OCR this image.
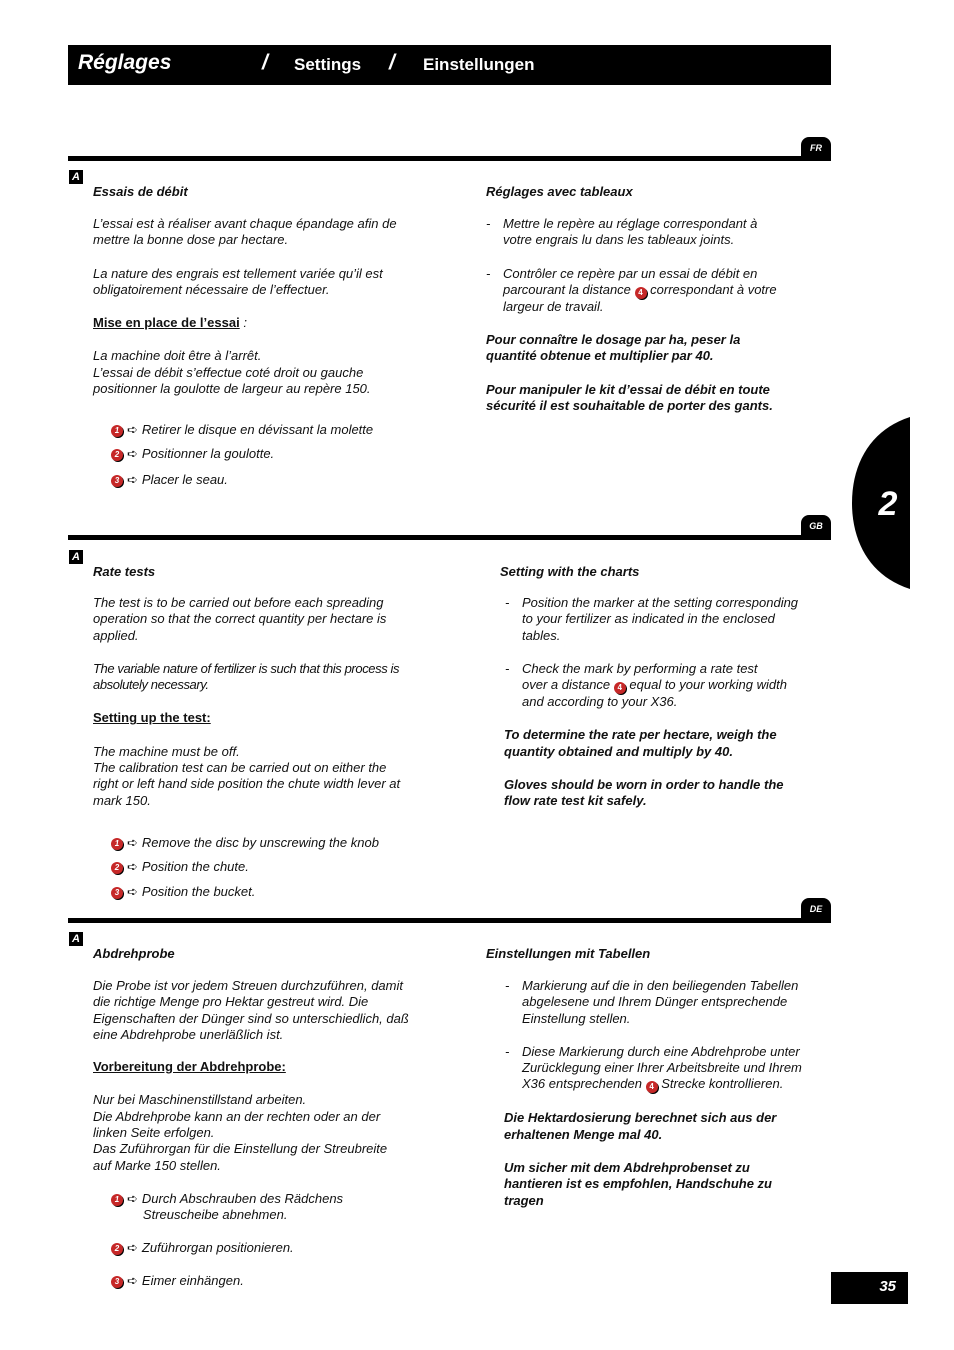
Réglages	/ Settings / Einstellungen
FR
A

Essais de débit

L’essai est à réaliser avant chaque épandage afin de
mettre la bonne dose par hectare.

La nature des engrais est tellement variée qu’il est
obligatoirement nécessaire de l’effectuer.

Mise en place de l’essai :

La machine doit être à l’arrêt.
L’essai de débit s’effectue coté droit ou gauche
positionner la goulotte de largeur au repère 150.

1 ➪ Retirer le disque en dévissant la molette
2 ➪ Positionner la goulotte.
3 ➪ Placer le seau.

Réglages avec tableaux

- Mettre le repère au réglage correspondant à
votre engrais lu dans les tableaux joints.
- Contrôler ce repère par un essai de débit en
parcourant la distance 4 correspondant à votre
largeur de travail.

Pour connaître le dosage par ha, peser la
quantité obtenue et multiplier par 40.

Pour manipuler le kit d’essai de débit en toute
sécurité il est souhaitable de porter des gants.

2
GB
A

Rate tests

The test is to be carried out before each spreading
operation so that the correct quantity per hectare is
applied.

The variable nature of fertilizer is such that this process is
absolutely necessary.

Setting up the test:

The machine must be off.
The calibration test can be carried out on either the
right or left hand side position the chute width lever at
mark 150.

1 ➪ Remove the disc by unscrewing the knob
2 ➪ Position the chute.
3 ➪ Position the bucket.

Setting with the charts

- Position the marker at the setting corresponding
to your fertilizer as indicated in the enclosed
tables.
- Check the mark by performing a rate test
over a distance 4 equal to your working width
and according to your X36.

To determine the rate per hectare, weigh the
quantity obtained and multiply by 40.

Gloves should be worn in order to handle the
flow rate test kit safely.

DE
A

Abdrehprobe

Die Probe ist vor jedem Streuen durchzuführen, damit
die richtige Menge pro Hektar gestreut wird. Die
Eigenschaften der Dünger sind so unterschiedlich, daß
eine Abdrehprobe unerläßlich ist.

Vorbereitung der Abdrehprobe:

Nur bei Maschinenstillstand arbeiten.
Die Abdrehprobe kann an der rechten oder an der
linken Seite erfolgen.
Das Zuführorgan für die Einstellung der Streubreite
auf Marke 150 stellen.

1 ➪ Durch Abschrauben des Rädchens
Streuscheibe abnehmen.
2 ➪ Zuführorgan positionieren.
3 ➪ Eimer einhängen.

Einstellungen mit Tabellen

- Markierung auf die in den beiliegenden Tabellen
abgelesene und Ihrem Dünger entsprechende
Einstellung stellen.
- Diese Markierung durch eine Abdrehprobe unter
Zurücklegung einer Ihrer Arbeitsbreite und Ihrem
X36 entsprechenden 4 Strecke kontrollieren.

Die Hektardosierung berechnet sich aus der
erhaltenen Menge mal 40.

Um sicher mit dem Abdrehprobenset zu
hantieren ist es empfohlen, Handschuhe zu
tragen

35
